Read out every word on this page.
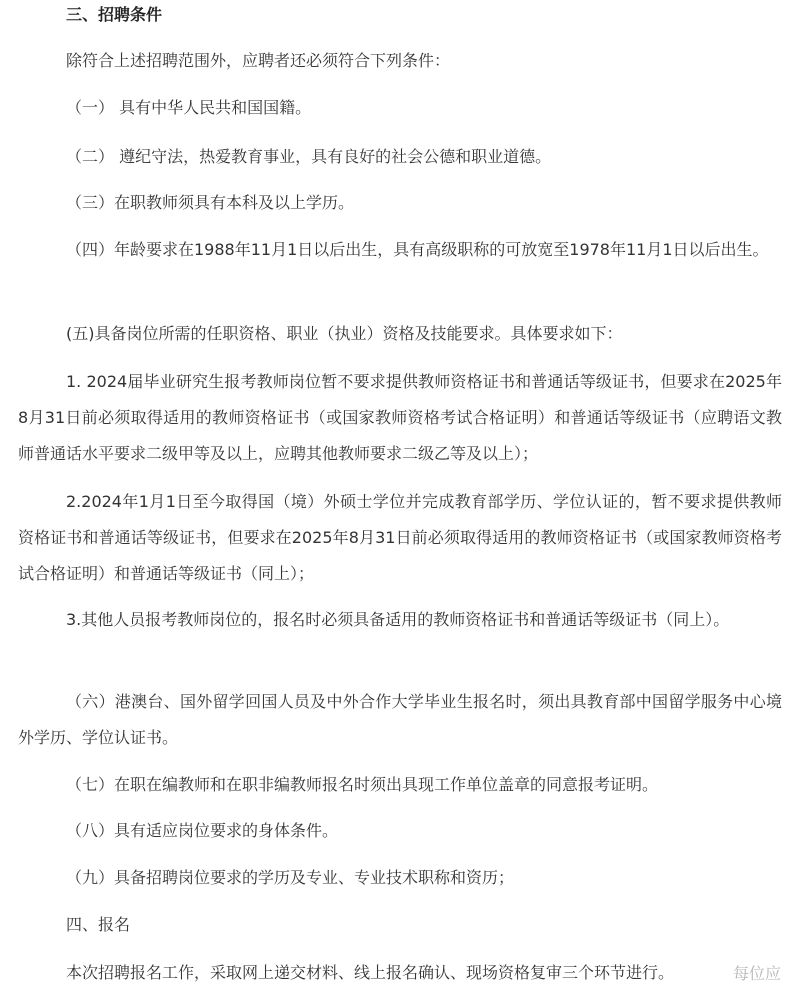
三、招聘条件

除符合上述招聘范围外，应聘者还必须符合下列条件：

（一） 具有中华人民共和国国籍。

（二） 遵纪守法，热爱教育事业，具有良好的社会公德和职业道德。

（三）在职教师须具有本科及以上学历。

（四）年龄要求在1988年11月1日以后出生，具有高级职称的可放宽至1978年11月1日以后出生。

(五)具备岗位所需的任职资格、职业（执业）资格及技能要求。具体要求如下：

1. 2024届毕业研究生报考教师岗位暂不要求提供教师资格证书和普通话等级证书，但要求在2025年8月31日前必须取得适用的教师资格证书（或国家教师资格考试合格证明）和普通话等级证书（应聘语文教师普通话水平要求二级甲等及以上，应聘其他教师要求二级乙等及以上）；

2.2024年1月1日至今取得国（境）外硕士学位并完成教育部学历、学位认证的，暂不要求提供教师资格证书和普通话等级证书，但要求在2025年8月31日前必须取得适用的教师资格证书（或国家教师资格考试合格证明）和普通话等级证书（同上）；

3.其他人员报考教师岗位的，报名时必须具备适用的教师资格证书和普通话等级证书（同上）。

（六）港澳台、国外留学回国人员及中外合作大学毕业生报名时，须出具教育部中国留学服务中心境外学历、学位认证书。

（七）在职在编教师和在职非编教师报名时须出具现工作单位盖章的同意报考证明。

（八）具有适应岗位要求的身体条件。

（九）具备招聘岗位要求的学历及专业、专业技术职称和资历；

四、报名

本次招聘报名工作，采取网上递交材料、线上报名确认、现场资格复审三个环节进行。	每位应
